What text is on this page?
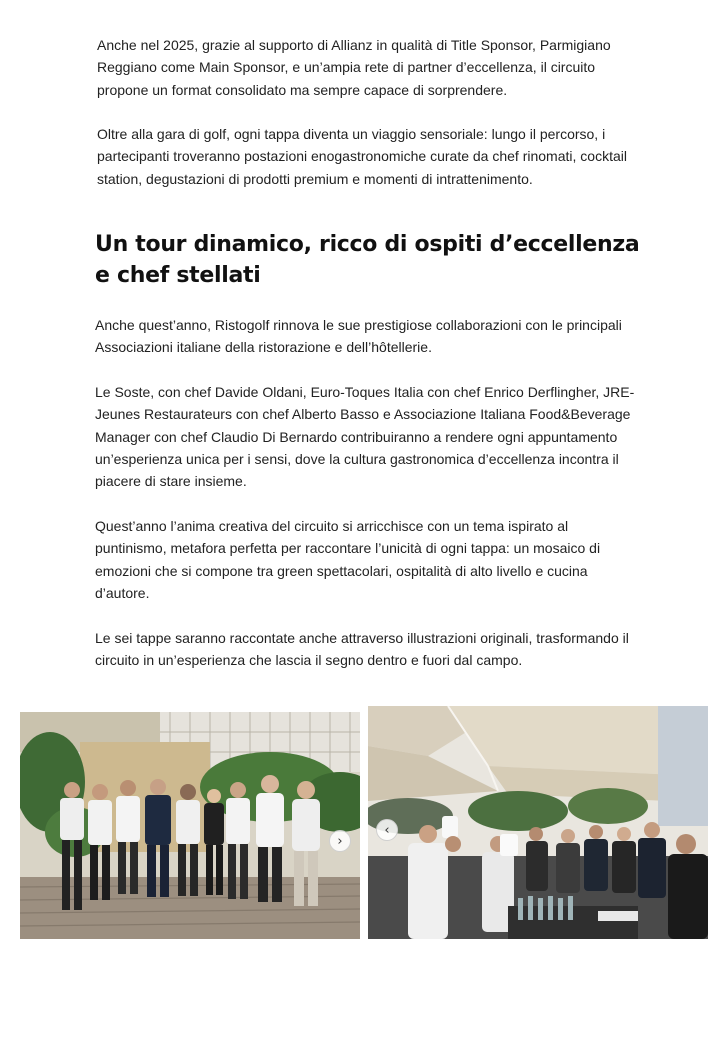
Anche nel 2025, grazie al supporto di Allianz in qualità di Title Sponsor, Parmigiano Reggiano come Main Sponsor, e un’ampia rete di partner d’eccellenza, il circuito propone un format consolidato ma sempre capace di sorprendere.

Oltre alla gara di golf, ogni tappa diventa un viaggio sensoriale: lungo il percorso, i partecipanti troveranno postazioni enogastronomiche curate da chef rinomati, cocktail station, degustazioni di prodotti premium e momenti di intrattenimento.

Un tour dinamico, ricco di ospiti d’eccellenza e chef stellati

Anche quest’anno, Ristogolf rinnova le sue prestigiose collaborazioni con le principali Associazioni italiane della ristorazione e dell’hôtellerie.

Le Soste, con chef Davide Oldani, Euro-Toques Italia con chef Enrico Derflingher, JRE-Jeunes Restaurateurs con chef Alberto Basso e Associazione Italiana Food&Beverage Manager con chef Claudio Di Bernardo contribuiranno a rendere ogni appuntamento un’esperienza unica per i sensi, dove la cultura gastronomica d’eccellenza incontra il piacere di stare insieme.

Quest’anno l’anima creativa del circuito si arricchisce con un tema ispirato al puntinismo, metafora perfetta per raccontare l’unicità di ogni tappa: un mosaico di emozioni che si compone tra green spettacolari, ospitalità di alto livello e cucina d’autore.

Le sei tappe saranno raccontate anche attraverso illustrazioni originali, trasformando il circuito in un’esperienza che lascia il segno dentro e fuori dal campo.

›
‹
